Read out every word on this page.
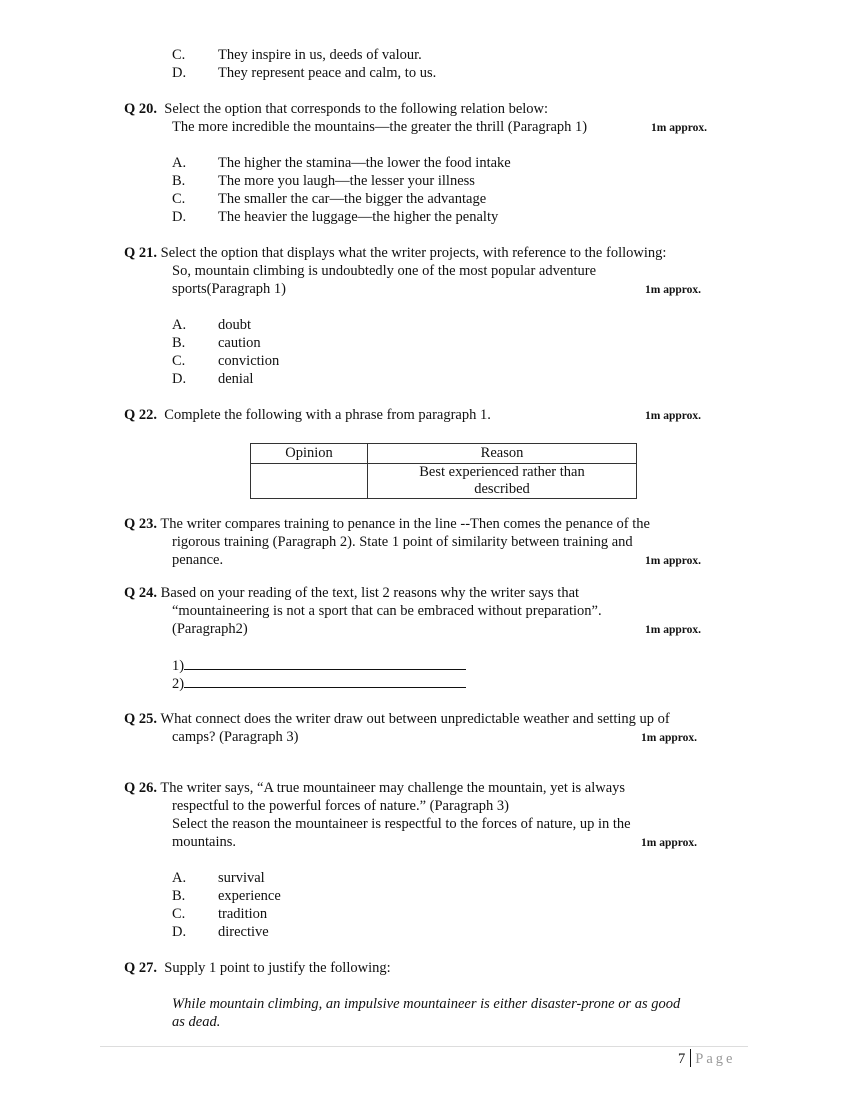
C. They inspire in us, deeds of valour.
D. They represent peace and calm, to us.
Q 20. Select the option that corresponds to the following relation below:
The more incredible the mountains—the greater the thrill (Paragraph 1)	1m approx.
A. The higher the stamina—the lower the food intake
B. The more you laugh—the lesser your illness
C. The smaller the car—the bigger the advantage
D. The heavier the luggage—the higher the penalty
Q 21. Select the option that displays what the writer projects, with reference to the following:
So, mountain climbing is undoubtedly one of the most popular adventure
sports(Paragraph 1)	1m approx.
A. doubt
B. caution
C. conviction
D. denial
Q 22. Complete the following with a phrase from paragraph 1.	1m approx.
Opinion	Reason
	Best experienced rather than described
Q 23. The writer compares training to penance in the line --Then comes the penance of the
rigorous training (Paragraph 2). State 1 point of similarity between training and
penance.	1m approx.
Q 24. Based on your reading of the text, list 2 reasons why the writer says that
“mountaineering is not a sport that can be embraced without preparation”.
(Paragraph2)	1m approx.
1)
2)
Q 25. What connect does the writer draw out between unpredictable weather and setting up of
camps? (Paragraph 3)	1m approx.
Q 26. The writer says, “A true mountaineer may challenge the mountain, yet is always
respectful to the powerful forces of nature.” (Paragraph 3)
Select the reason the mountaineer is respectful to the forces of nature, up in the
mountains.	1m approx.
A. survival
B. experience
C. tradition
D. directive
Q 27. Supply 1 point to justify the following:
While mountain climbing, an impulsive mountaineer is either disaster-prone or as good
as dead.
7 Page
